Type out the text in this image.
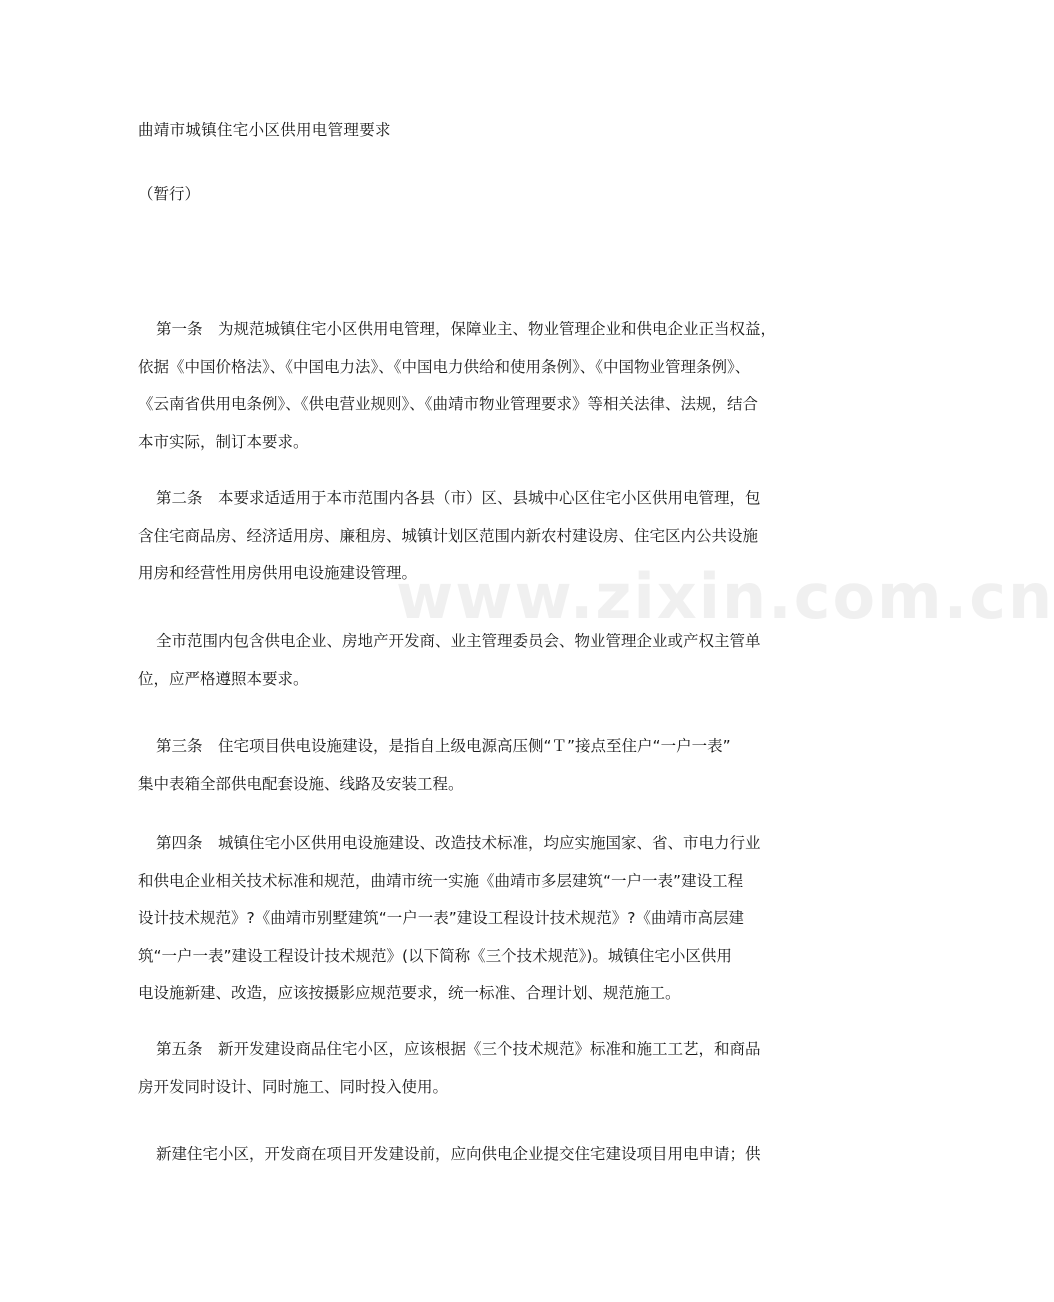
www.zixin.com.cn
曲靖市城镇住宅小区供用电管理要求
（暂行）
第一条　为规范城镇住宅小区供用电管理，保障业主、物业管理企业和供电企业正当权益，
依据《中国价格法》、《中国电力法》、《中国电力供给和使用条例》、《中国物业管理条例》、
《云南省供用电条例》、《供电营业规则》、《曲靖市物业管理要求》等相关法律、法规，结合
本市实际，制订本要求。
第二条　本要求适适用于本市范围内各县（市）区、县城中心区住宅小区供用电管理，包
含住宅商品房、经济适用房、廉租房、城镇计划区范围内新农村建设房、住宅区内公共设施
用房和经营性用房供用电设施建设管理。
全市范围内包含供电企业、房地产开发商、业主管理委员会、物业管理企业或产权主管单
位，应严格遵照本要求。
第三条　住宅项目供电设施建设，是指自上级电源高压侧“Ｔ”接点至住户“一户一表”
集中表箱全部供电配套设施、线路及安装工程。
第四条　城镇住宅小区供用电设施建设、改造技术标准，均应实施国家、省、市电力行业
和供电企业相关技术标准和规范，曲靖市统一实施《曲靖市多层建筑“一户一表”建设工程
设计技术规范》?《曲靖市别墅建筑“一户一表”建设工程设计技术规范》?《曲靖市高层建
筑“一户一表”建设工程设计技术规范》(以下简称《三个技术规范》)。城镇住宅小区供用
电设施新建、改造，应该按摄影应规范要求，统一标准、合理计划、规范施工。
第五条　新开发建设商品住宅小区，应该根据《三个技术规范》标准和施工工艺，和商品
房开发同时设计、同时施工、同时投入使用。
新建住宅小区，开发商在项目开发建设前，应向供电企业提交住宅建设项目用电申请；供
